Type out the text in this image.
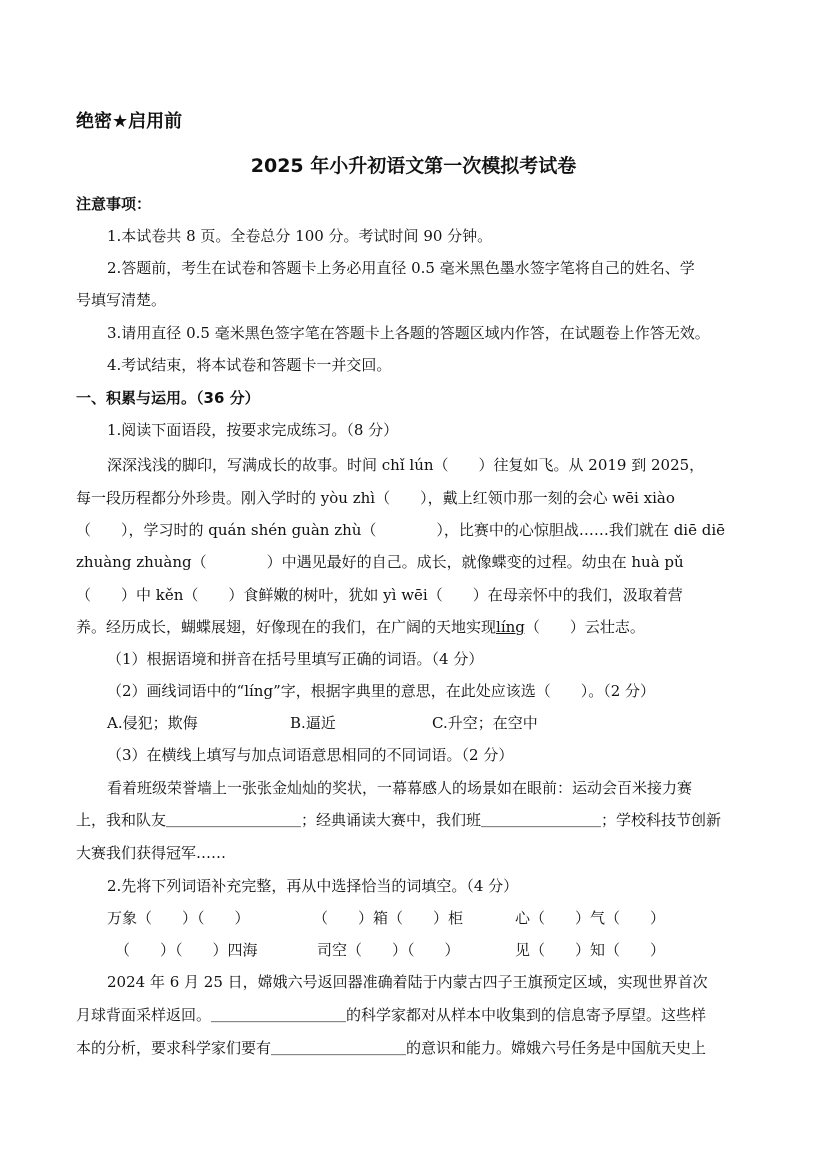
绝密★启用前
2025 年小升初语文第一次模拟考试卷
注意事项：
1.本试卷共 8 页。全卷总分 100 分。考试时间 90 分钟。
2.答题前，考生在试卷和答题卡上务必用直径 0.5 毫米黑色墨水签字笔将自己的姓名、学
号填写清楚。
3.请用直径 0.5 毫米黑色签字笔在答题卡上各题的答题区域内作答，在试题卷上作答无效。
4.考试结束，将本试卷和答题卡一并交回。
一、积累与运用。（36 分）
1.阅读下面语段，按要求完成练习。（8 分）
深深浅浅的脚印，写满成长的故事。时间 chǐ lún（　　）往复如飞。从 2019 到 2025，
每一段历程都分外珍贵。刚入学时的 yòu zhì（　　），戴上红领巾那一刻的会心 wēi xiào
（　　），学习时的 quán shén guàn zhù（　　　　），比赛中的心惊胆战……我们就在 diē diē
zhuàng zhuàng（　　　　）中遇见最好的自己。成长，就像蝶变的过程。幼虫在 huà pǔ
（　　）中 kěn（　　）食鲜嫩的树叶，犹如 yì wēi（　　）在母亲怀中的我们，汲取着营
养。经历成长，蝴蝶展翅，好像现在的我们，在广阔的天地实现líng（　　）云壮志。
（1）根据语境和拼音在括号里填写正确的词语。（4 分）
（2）画线词语中的“líng”字，根据字典里的意思，在此处应该选（　　）。（2 分）
A.侵犯；欺侮	B.逼近	C.升空；在空中
（3）在横线上填写与加点词语意思相同的不同词语。（2 分）
看着班级荣誉墙上一张张金灿灿的奖状，一幕幕感人的场景如在眼前：运动会百米接力赛
上，我和队友＿＿＿＿＿＿＿＿＿；经典诵读大赛中，我们班＿＿＿＿＿＿＿＿；学校科技节创新
大赛我们获得冠军……
2.先将下列词语补充完整，再从中选择恰当的词填空。（4 分）
万象（　　）（　　）	（　　）箱（　　）柜	心（　　）气（　　）
（　　）（　　）四海	司空（　　）（　　）	见（　　）知（　　）
2024 年 6 月 25 日，嫦娥六号返回器准确着陆于内蒙古四子王旗预定区域，实现世界首次
月球背面采样返回。＿＿＿＿＿＿＿＿＿的科学家都对从样本中收集到的信息寄予厚望。这些样
本的分析，要求科学家们要有＿＿＿＿＿＿＿＿＿的意识和能力。嫦娥六号任务是中国航天史上
